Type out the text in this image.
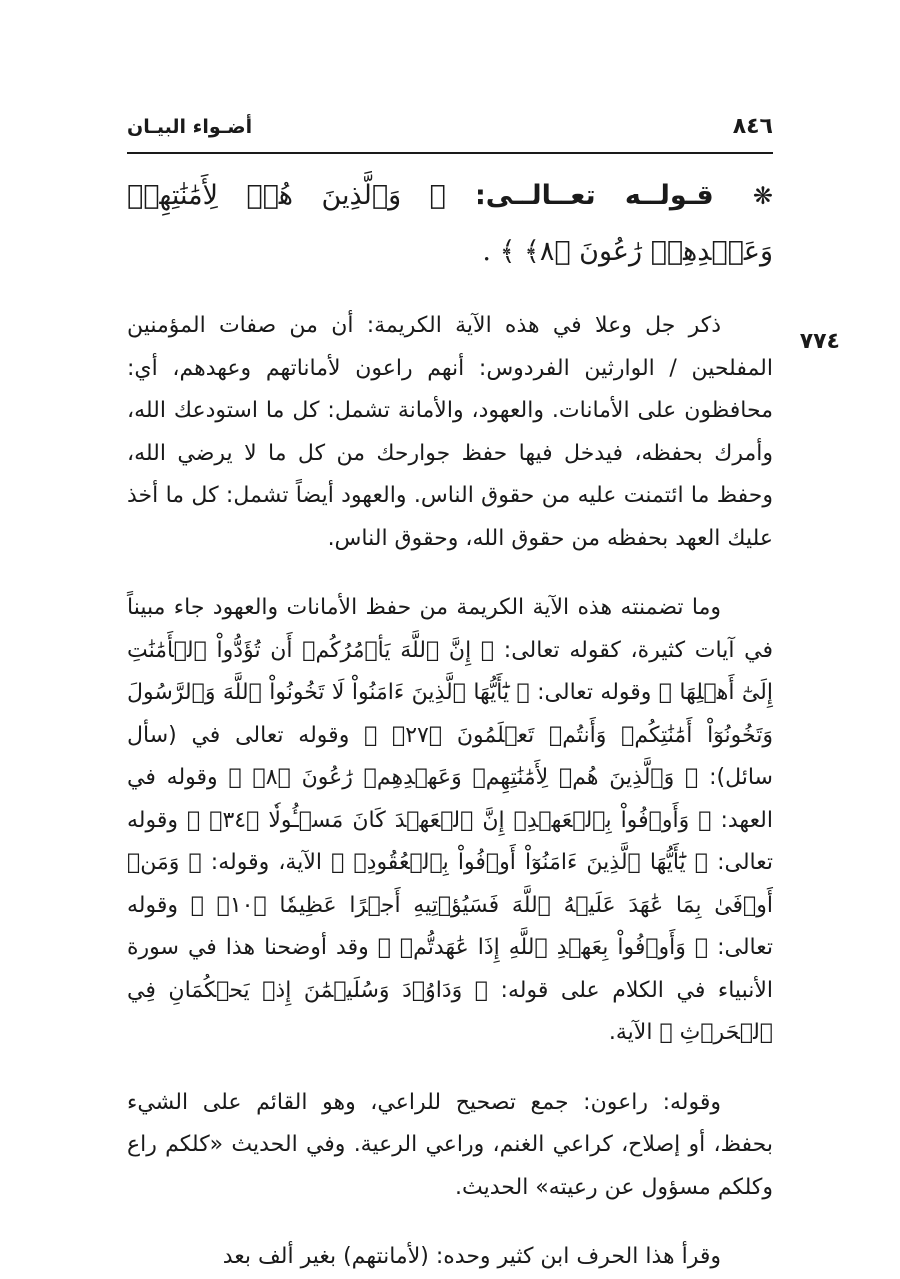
٨٤٦
أضـواء البيـان
٧٧٤
❋ قـولــه تعــالــى: ﴿ وَٱلَّذِينَ هُمۡ لِأَمَٰنَٰتِهِمۡ وَعَهۡدِهِمۡ رَٰعُونَ ﴿٨﴾ ﴾ .

ذكر جل وعلا في هذه الآية الكريمة: أن من صفات المؤمنين المفلحين / الوارثين الفردوس: أنهم راعون لأماناتهم وعهدهم، أي: محافظون على الأمانات. والعهود، والأمانة تشمل: كل ما استودعك الله، وأمرك بحفظه، فيدخل فيها حفظ جوارحك من كل ما لا يرضي الله، وحفظ ما ائتمنت عليه من حقوق الناس. والعهود أيضاً تشمل: كل ما أخذ عليك العهد بحفظه من حقوق الله، وحقوق الناس.

وما تضمنته هذه الآية الكريمة من حفظ الأمانات والعهود جاء مبيناً في آيات كثيرة، كقوله تعالى: ﴿ إِنَّ ٱللَّهَ يَأۡمُرُكُمۡ أَن تُؤَدُّواْ ٱلۡأَمَٰنَٰتِ إِلَىٰٓ أَهۡلِهَا ﴾ وقوله تعالى: ﴿ يَٰٓأَيُّهَا ٱلَّذِينَ ءَامَنُواْ لَا تَخُونُواْ ٱللَّهَ وَٱلرَّسُولَ وَتَخُونُوٓاْ أَمَٰنَٰتِكُمۡ وَأَنتُمۡ تَعۡلَمُونَ ﴿٢٧﴾ ﴾ وقوله تعالى في (سأل سائل): ﴿ وَٱلَّذِينَ هُمۡ لِأَمَٰنَٰتِهِمۡ وَعَهۡدِهِمۡ رَٰعُونَ ﴿٨﴾ ﴾ وقوله في العهد: ﴿ وَأَوۡفُواْ بِٱلۡعَهۡدِۖ إِنَّ ٱلۡعَهۡدَ كَانَ مَسۡـُٔولٗا ﴿٣٤﴾ ﴾ وقوله تعالى: ﴿ يَٰٓأَيُّهَا ٱلَّذِينَ ءَامَنُوٓاْ أَوۡفُواْ بِٱلۡعُقُودِۚ ﴾ الآية، وقوله: ﴿ وَمَنۡ أَوۡفَىٰ بِمَا عَٰهَدَ عَلَيۡهُ ٱللَّهَ فَسَيُؤۡتِيهِ أَجۡرًا عَظِيمٗا ﴿١٠﴾ ﴾ وقوله تعالى: ﴿ وَأَوۡفُواْ بِعَهۡدِ ٱللَّهِ إِذَا عَٰهَدتُّمۡ ﴾ وقد أوضحنا هذا في سورة الأنبياء في الكلام على قوله: ﴿ وَدَاوُۥدَ وَسُلَيۡمَٰنَ إِذۡ يَحۡكُمَانِ فِي ٱلۡحَرۡثِ ﴾ الآية.

وقوله: راعون: جمع تصحيح للراعي، وهو القائم على الشيء بحفظ، أو إصلاح، كراعي الغنم، وراعي الرعية. وفي الحديث «كلكم راع وكلكم مسؤول عن رعيته» الحديث.

وقرأ هذا الحرف ابن كثير وحده: (لأمانتهم) بغير ألف بعد
